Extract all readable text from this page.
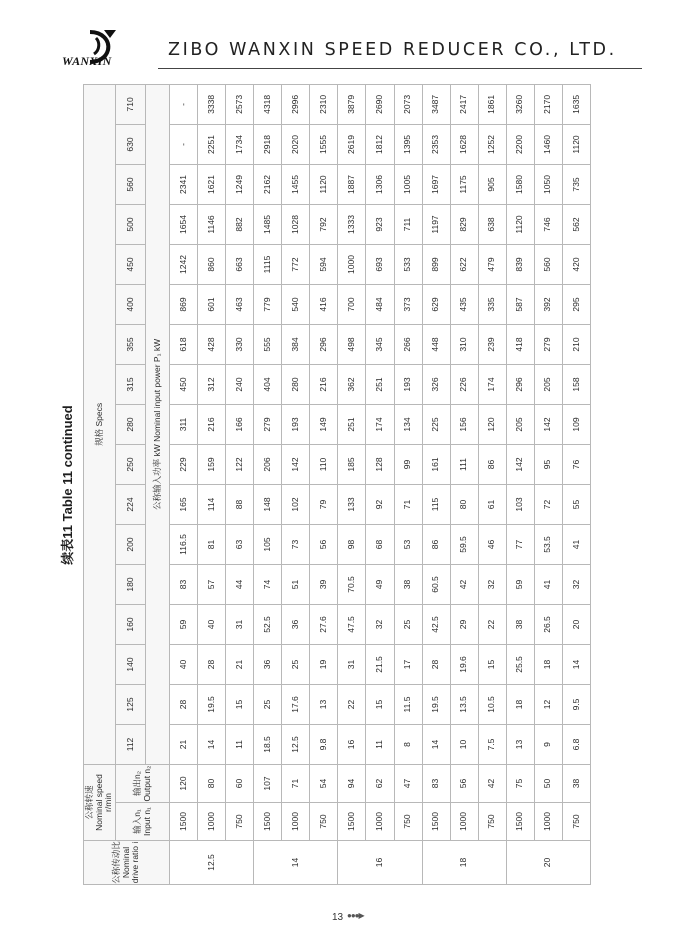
WANXIN
ZIBO WANXIN SPEED REDUCER CO., LTD.
续表11 Table 11 continued
公称传动比 Nominal drive ratio i	公称转速 Nominal speed r/min		规格 Specs																

	输入n₁ Input n₁	输出n₂ Output n₂	112	125	140	160	180	200	224	250	280	315	355	400	450	500	560	630	710
			公称输入功率 kW Nominal input power P₁ kW																
12.5	1500	120	21	28	40	59	83	116.5	165	229	311	450	618	869	1242	1654	2341	-	-
	1000	80	14	19.5	28	40	57	81	114	159	216	312	428	601	860	1146	1621	2251	3338
	750	60	11	15	21	31	44	63	88	122	166	240	330	463	663	882	1249	1734	2573
14	1500	107	18.5	25	36	52.5	74	105	148	206	279	404	555	779	1115	1485	2162	2918	4318
	1000	71	12.5	17.6	25	36	51	73	102	142	193	280	384	540	772	1028	1455	2020	2996
	750	54	9.8	13	19	27.6	39	56	79	110	149	216	296	416	594	792	1120	1555	2310
16	1500	94	16	22	31	47.5	70.5	98	133	185	251	362	498	700	1000	1333	1887	2619	3879
	1000	62	11	15	21.5	32	49	68	92	128	174	251	345	484	693	923	1306	1812	2690
	750	47	8	11.5	17	25	38	53	71	99	134	193	266	373	533	711	1005	1395	2073
18	1500	83	14	19.5	28	42.5	60.5	86	115	161	225	326	448	629	899	1197	1697	2353	3487
	1000	56	10	13.5	19.6	29	42	59.5	80	111	156	226	310	435	622	829	1175	1628	2417
	750	42	7.5	10.5	15	22	32	46	61	86	120	174	239	335	479	638	905	1252	1861
20	1500	75	13	18	25.5	38	59	77	103	142	205	296	418	587	839	1120	1580	2200	3260
	1000	50	9	12	18	26.5	41	53.5	72	95	142	205	279	392	560	746	1050	1460	2170
	750	38	6.8	9.5	14	20	32	41	55	76	109	158	210	295	420	562	735	1120	1635
13 ●●●▶
